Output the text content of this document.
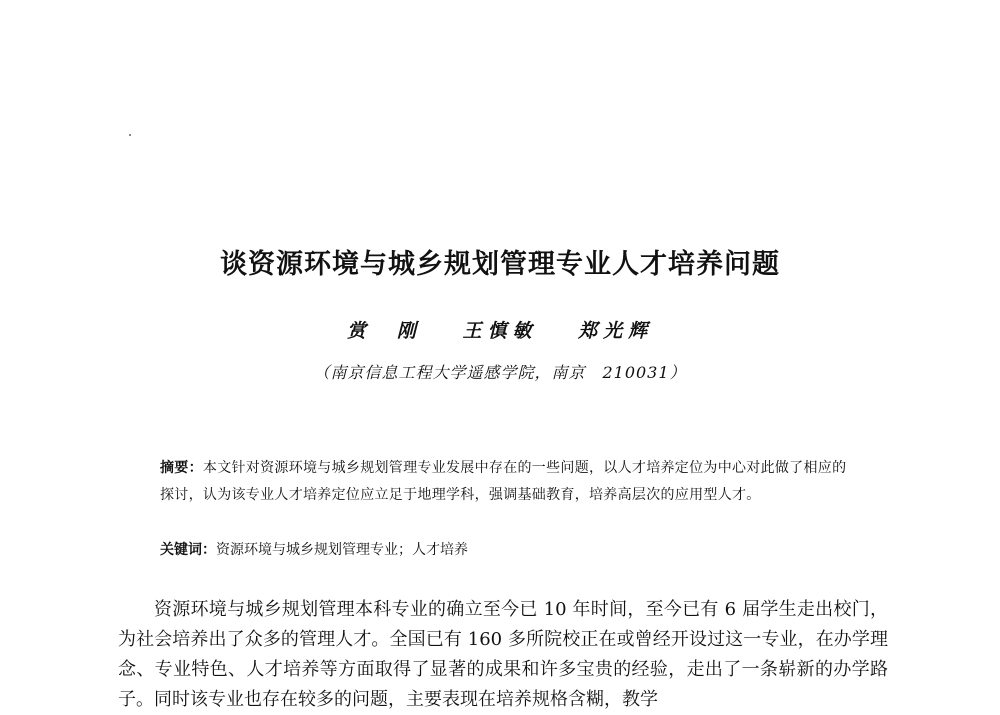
谈资源环境与城乡规划管理专业人才培养问题
赏　刚 王慎敏 郑光辉
（南京信息工程大学遥感学院，南京　210031）
摘要：本文针对资源环境与城乡规划管理专业发展中存在的一些问题，以人才培养定位为中心对此做了相应的探讨，认为该专业人才培养定位应立足于地理学科，强调基础教育，培养高层次的应用型人才。
关键词：资源环境与城乡规划管理专业；人才培养

资源环境与城乡规划管理本科专业的确立至今已 10 年时间，至今已有 6 届学生走出校门，为社会培养出了众多的管理人才。全国已有 160 多所院校正在或曾经开设过这一专业，在办学理念、专业特色、人才培养等方面取得了显著的成果和许多宝贵的经验，走出了一条崭新的办学路子。同时该专业也存在较多的问题，主要表现在培养规格含糊，教学
